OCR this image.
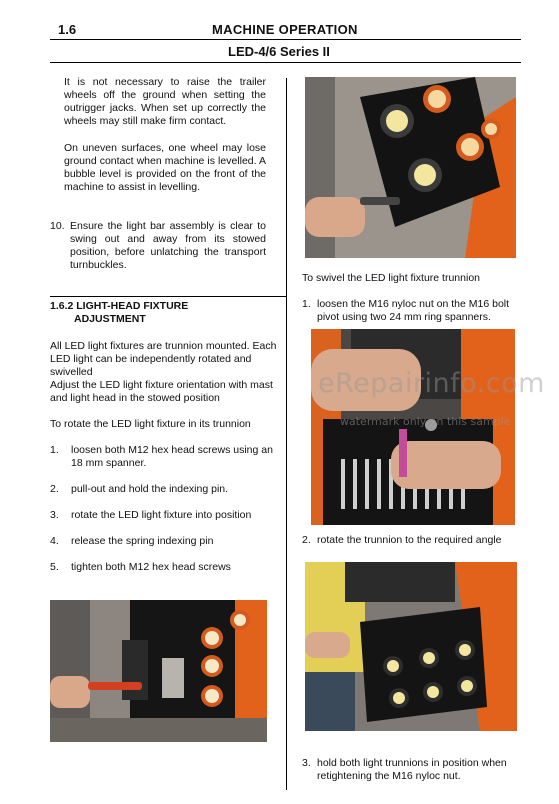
1.6	MACHINE OPERATION
LED-4/6 Series II
It is not necessary to raise the trailer wheels off the ground when setting the outrigger jacks. When set up correctly the wheels may still make firm contact.
On uneven surfaces, one wheel may lose ground contact when machine is levelled. A bubble level is provided on the front of the machine to assist in levelling.
10. Ensure the light bar assembly is clear to swing out and away from its stowed position, before unlatching the transport turnbuckles.
1.6.2 LIGHT-HEAD FIXTURE
ADJUSTMENT
All LED light fixtures are trunnion mounted. Each LED light can be independently rotated and swivelled
Adjust the LED light fixture orientation with mast and light head in the stowed position
To rotate the LED light fixture in its trunnion
1. loosen both M12 hex head screws using an 18 mm spanner.
2. pull-out and hold the indexing pin.
3. rotate the LED light fixture into position
4. release the spring indexing pin
5. tighten both M12 hex head screws
To swivel the LED light fixture trunnion
1. loosen the M16 nyloc nut on the M16 bolt pivot using two 24 mm ring spanners.
2. rotate the trunnion to the required angle
3. hold both light trunnions in position when retightening the M16 nyloc nut.
eRepairinfo.com
watermark only on this sample
